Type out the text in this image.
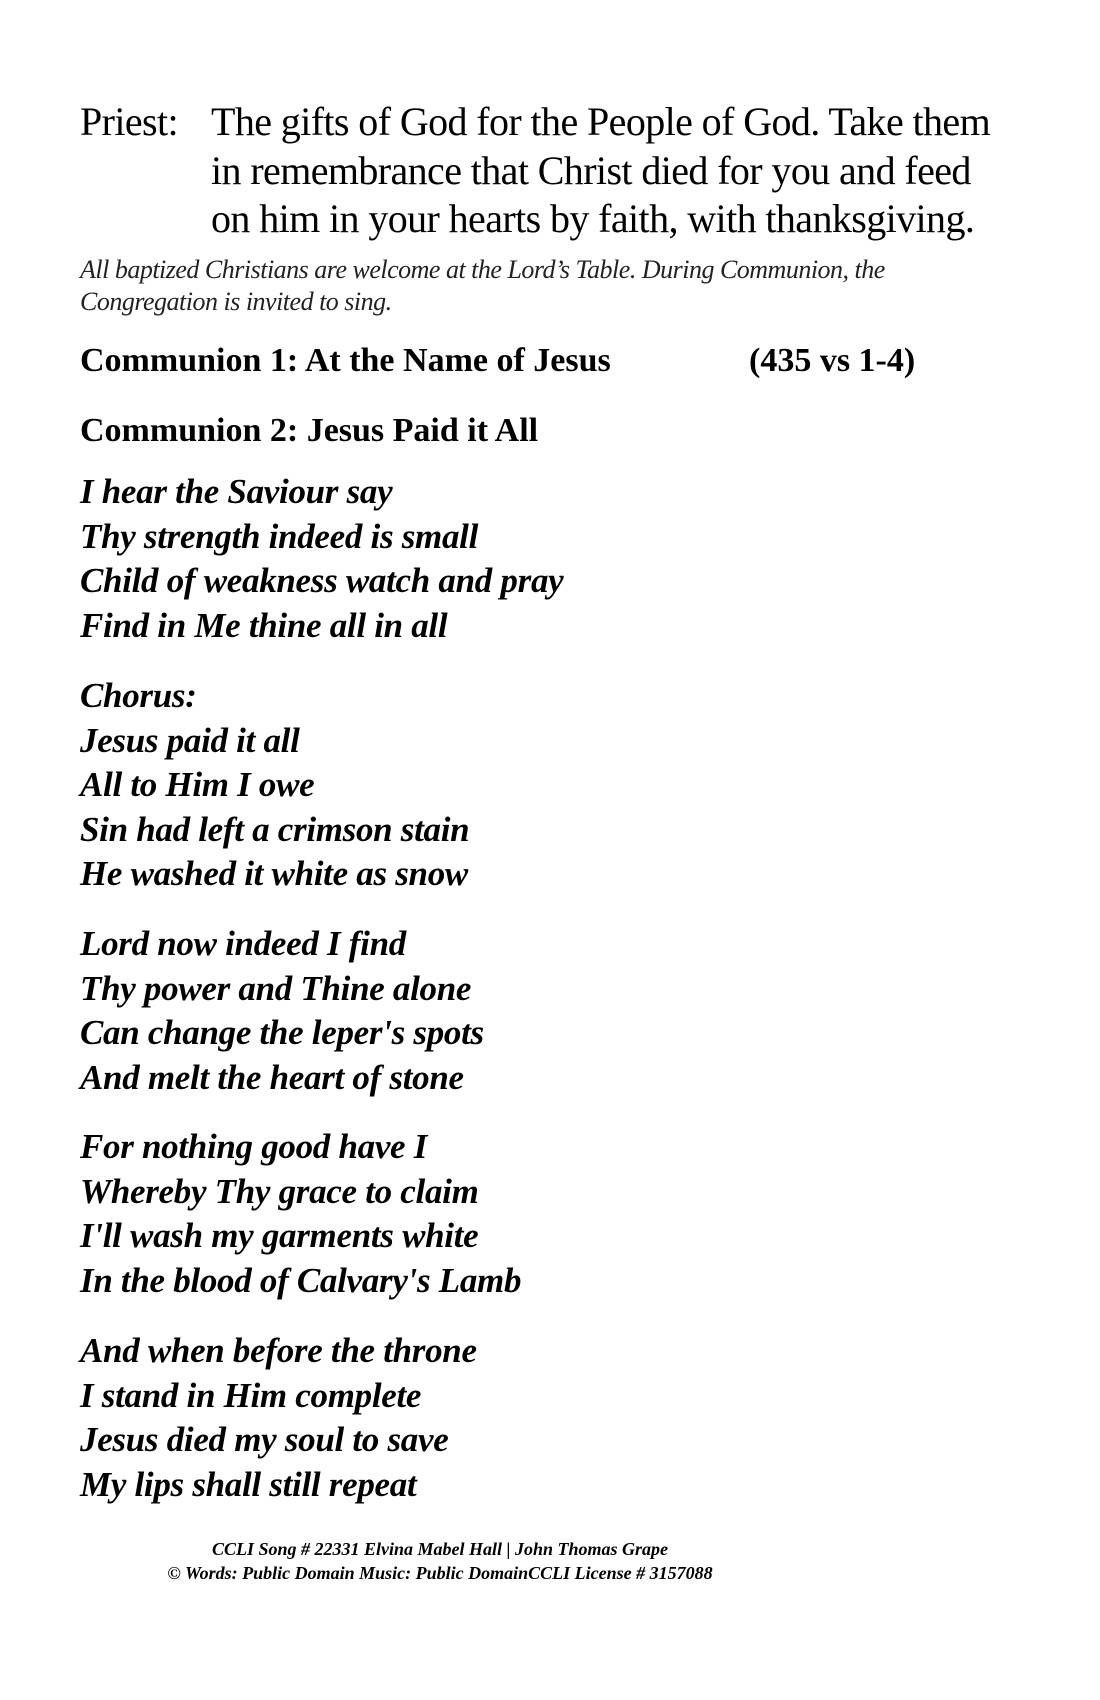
Priest: The gifts of God for the People of God. Take them
in remembrance that Christ died for you and feed
on him in your hearts by faith, with thanksgiving.
All baptized Christians are welcome at the Lord’s Table. During Communion, the
Congregation is invited to sing.
Communion 1: At the Name of Jesus	(435 vs 1-4)
Communion 2: Jesus Paid it All
I hear the Saviour say
Thy strength indeed is small
Child of weakness watch and pray
Find in Me thine all in all
Chorus:
Jesus paid it all
All to Him I owe
Sin had left a crimson stain
He washed it white as snow
Lord now indeed I find
Thy power and Thine alone
Can change the leper's spots
And melt the heart of stone
For nothing good have I
Whereby Thy grace to claim
I'll wash my garments white
In the blood of Calvary's Lamb
And when before the throne
I stand in Him complete
Jesus died my soul to save
My lips shall still repeat
CCLI Song # 22331 Elvina Mabel Hall | John Thomas Grape
© Words: Public Domain Music: Public DomainCCLI License # 3157088
